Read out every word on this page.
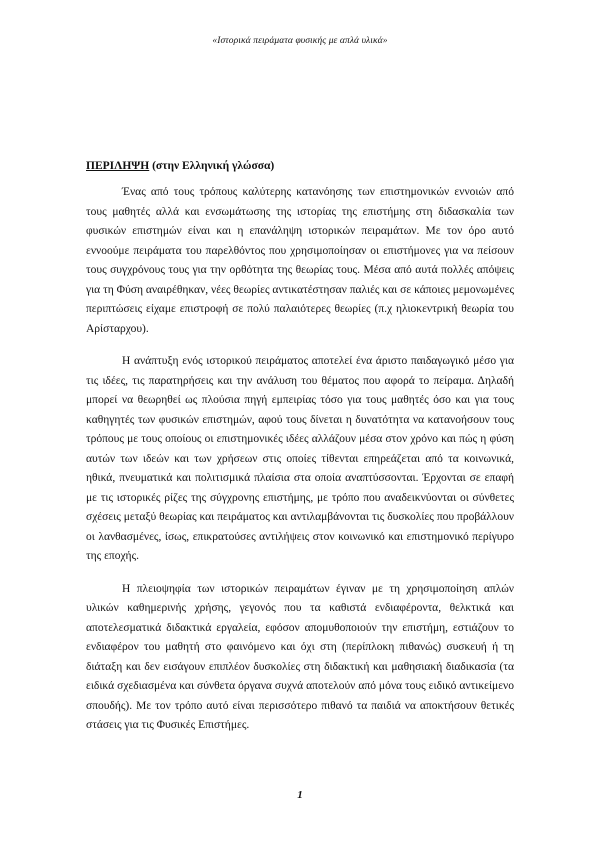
«Ιστορικά πειράματα φυσικής με απλά υλικά»
ΠΕΡΙΛΗΨΗ (στην Ελληνική γλώσσα)

Ένας από τους τρόπους καλύτερης κατανόησης των επιστημονικών εννοιών από τους μαθητές αλλά και ενσωμάτωσης της ιστορίας της επιστήμης στη διδασκαλία των φυσικών επιστημών είναι και η επανάληψη ιστορικών πειραμάτων. Με τον όρο αυτό εννοούμε πειράματα του παρελθόντος που χρησιμοποίησαν οι επιστήμονες για να πείσουν τους συγχρόνους τους για την ορθότητα της θεωρίας τους. Μέσα από αυτά πολλές απόψεις για τη Φύση αναιρέθηκαν, νέες θεωρίες αντικατέστησαν παλιές και σε κάποιες μεμονωμένες περιπτώσεις είχαμε επιστροφή σε πολύ παλαιότερες θεωρίες (π.χ ηλιοκεντρική θεωρία του Αρίσταρχου).

Η ανάπτυξη ενός ιστορικού πειράματος αποτελεί ένα άριστο παιδαγωγικό μέσο για τις ιδέες, τις παρατηρήσεις και την ανάλυση του θέματος που αφορά το πείραμα. Δηλαδή μπορεί να θεωρηθεί ως πλούσια πηγή εμπειρίας τόσο για τους μαθητές όσο και για τους καθηγητές των φυσικών επιστημών, αφού τους δίνεται η δυνατότητα να κατανοήσουν τους τρόπους με τους οποίους οι επιστημονικές ιδέες αλλάζουν μέσα στον χρόνο και πώς η φύση αυτών των ιδεών και των χρήσεων στις οποίες τίθενται επηρεάζεται από τα κοινωνικά, ηθικά, πνευματικά και πολιτισμικά πλαίσια στα οποία αναπτύσσονται. Έρχονται σε επαφή με τις ιστορικές ρίζες της σύγχρονης επιστήμης, με τρόπο που αναδεικνύονται οι σύνθετες σχέσεις μεταξύ θεωρίας και πειράματος και αντιλαμβάνονται τις δυσκολίες που προβάλλουν οι λανθασμένες, ίσως, επικρατούσες αντιλήψεις στον κοινωνικό και επιστημονικό περίγυρο της εποχής.

Η πλειοψηφία των ιστορικών πειραμάτων έγιναν με τη χρησιμοποίηση απλών υλικών καθημερινής χρήσης, γεγονός που τα καθιστά ενδιαφέροντα, θελκτικά και αποτελεσματικά διδακτικά εργαλεία, εφόσον απομυθοποιούν την επιστήμη, εστιάζουν το ενδιαφέρον του μαθητή στο φαινόμενο και όχι στη (περίπλοκη πιθανώς) συσκευή ή τη διάταξη και δεν εισάγουν επιπλέον δυσκολίες στη διδακτική και μαθησιακή διαδικασία (τα ειδικά σχεδιασμένα και σύνθετα όργανα συχνά αποτελούν από μόνα τους ειδικό αντικείμενο σπουδής). Με τον τρόπο αυτό είναι περισσότερο πιθανό τα παιδιά να αποκτήσουν θετικές στάσεις για τις Φυσικές Επιστήμες.

1
